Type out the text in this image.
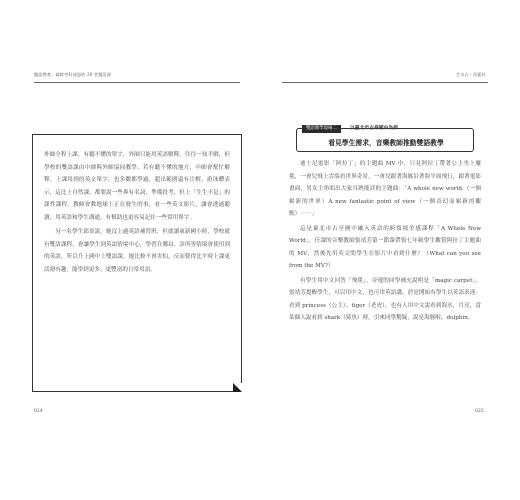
雙語教育：破除考科迷思的 20 堂雙語課

外師全程上課，有聽不懂的單字，外師只能用英語解釋，往往一知半解，但學校的雙語課由中師與外師協同教學，若有聽不懂的地方，中師會幫忙解釋，上課用到的英文單字，也多數都學過，超出範圍還有注解，游泳體表示，這比上自然課，都要說一些專有名詞，準備投考，但上「生生不息」的課性課程，教師會教地球上正在發生的事，看一些英文影片，讓會透過聽讀，用英語和學生溝通，有幫助也更容易記住一些常用單字。

另一名學生邱哥說，她沒上過英語補習班，但就讀東新國小時，學校就有雙語課程，會讓學生到英語情境中心，學習在郵局、診所等情境會使用到的英語，所以升上國中上雙語課，她比較不會害怕，反而覺得比平時上課更活潑有趣，能學到更多、更豐富的日常用語。

024
生水台・西素紅
雙語教學現場二	以臺北市古亭國中為例
看見學生需求，音樂教師推動雙語教學

迪士尼電影「阿拉丁」的主題曲 MV 中，只見阿拉丁帶著公主坐上魔毯，一會兒飛上雲端看世界奇景，一會兒跟著海豚沿著海平面飛行，跟著電影畫面，男女主角唱出大家耳熟能詳的主題曲：「A whole new world.（一個嶄新的世界）A new fantastic point of view（一個奇幻而嶄新的觀點）⋯⋯」

這是臺北市古亭國中融入英語的跨領域美感課程「A Whole New World」，任課的音樂教師張靖芳第一節課帶領七年級學生觀賞阿拉丁主題曲的 MV，然後先用英文問學生在影片中看到什麼？（What can you see from the MV?）

有學生用中文回答「飛毯」，旁邊的同學補充說明是「magic carpet」，張靖芳提醒學生，可以用中文，也可用英語講，於是開始有學生以英語表達：看到 princess（公主）、tiger（老虎），也有人用中文說看到海水，月亮，當某個人說看到 shark（鯊魚）時，引來同學驚疑，說是海豚啦，dolphin。

025
